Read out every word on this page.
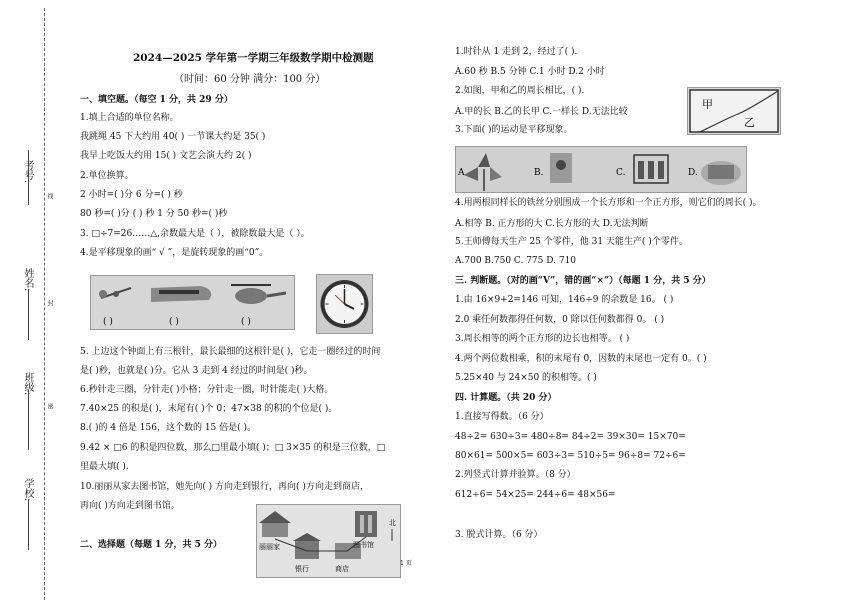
考号:
姓名:
班级:
学校:
线
封
密
2024—2025 学年第一学期三年级数学期中检测题
（时间：60 分钟 满分：100 分）
一、填空题。（每空 1 分，共 29 分）
1.填上合适的单位名称。
我跳绳 45 下大约用 40( ) 一节课大约是 35( )
我早上吃饭大约用 15( ) 文艺会演大约 2( )
2.单位换算。
2 小时=( )分 6 分=( ) 秒
80 秒=( )分 ( ) 秒 1 分 50 秒=( )秒
3. □÷7=26……△,余数最大是（ ），被除数最大是（ ）。
4.是平移现象的画“ √ ”，是旋转现象的画“0”。
5. 上边这个钟面上有三根针，最长最细的这根针是( )，它走一圈经过的时间
是( )秒，也就是( )分。它从 3 走到 4 经过的时间是( )秒。
6.秒针走三圈，分针走( )小格；分针走一圈，时针能走( )大格。
7.40×25 的积是( )，末尾有( )个 0；47×38 的积的个位是( )。
8.( )的 4 倍是 156，这个数的 15 倍是( )。
9.42 × □6 的积是四位数，那么□里最小填( )；□ 3×35 的积是三位数，□
里最大填( ).
10.丽丽从家去图书馆，她先向( ) 方向走到银行，再向( )方向走到商店，
再向( )方向走到图书馆。
二、选择题（每题 1 分，共 5 分）
( )	( )	( )
丽丽家
银行	商店
图书馆
北
1.时针从 1 走到 2，经过了( ).
A.60 秒 B.5 分钟 C.1 小时 D.2 小时
2.如图，甲和乙的周长相比，( ).
A.甲的长 B.乙的长甲 C.一样长 D.无法比较
3.下面( )的运动是平移现象。
4.用两根同样长的铁丝分别围成一个长方形和一个正方形，则它们的周长( )。
A.相等 B. 正方形的大 C.长方形的大 D.无法判断
5.王师傅每天生产 25 个零件，他 31 天能生产( )个零件。
A.700 B.750 C. 775 D. 710
三. 判断题。（对的画“V”，错的画“×”）（每题 1 分，共 5 分）
1.由 16×9+2=146 可知，146÷9 的余数是 16。 ( )
2.0 乘任何数都得任何数，0 除以任何数都得 0。 ( )
3.周长相等的两个正方形的边长也相等。 ( )
4.两个两位数相乘，积的末尾有 0，因数的末尾也一定有 0。( )
5.25×40 与 24×50 的积相等。( )
四. 计算题。（共 20 分）
1.直接写得数。（6 分）
48÷2= 630÷3= 480÷8= 84÷2= 39×30= 15×70=
80×61= 500×5= 603÷3= 510÷5= 96÷8= 72÷6=
2.列竖式计算并验算。（8 分）
612÷6= 54×25= 244÷6= 48×56=
3. 脱式计算。（6 分）
甲
乙
A.	B.	C.	D.
1 页
